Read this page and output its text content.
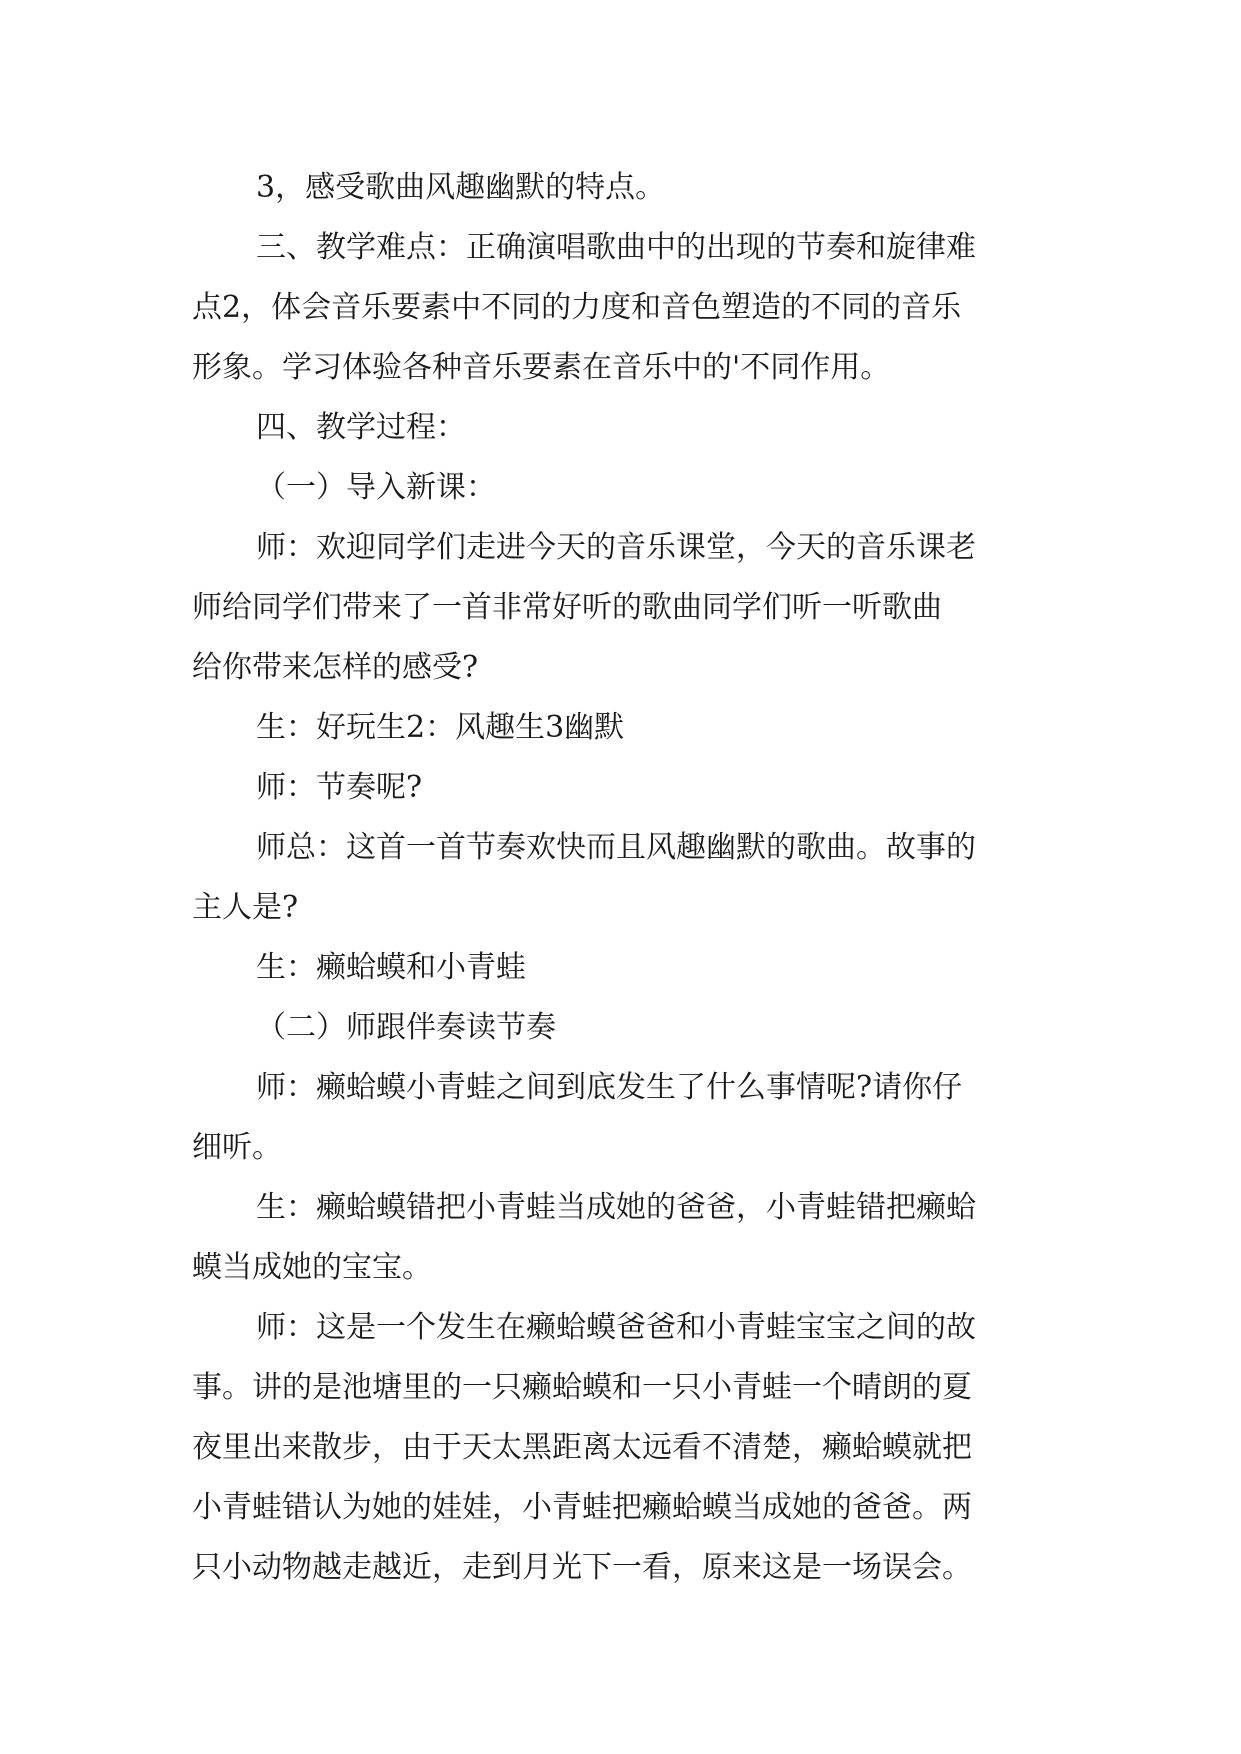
3，感受歌曲风趣幽默的特点。

三、教学难点：正确演唱歌曲中的出现的节奏和旋律难

点2，体会音乐要素中不同的力度和音色塑造的不同的音乐

形象。学习体验各种音乐要素在音乐中的'不同作用。

四、教学过程：

（一）导入新课：

师：欢迎同学们走进今天的音乐课堂，今天的音乐课老

师给同学们带来了一首非常好听的歌曲同学们听一听歌曲

给你带来怎样的感受?

生：好玩生2：风趣生3幽默

师：节奏呢?

师总：这首一首节奏欢快而且风趣幽默的歌曲。故事的

主人是?

生：癞蛤蟆和小青蛙

（二）师跟伴奏读节奏

师：癞蛤蟆小青蛙之间到底发生了什么事情呢?请你仔

细听。

生：癞蛤蟆错把小青蛙当成她的爸爸，小青蛙错把癞蛤

蟆当成她的宝宝。

师：这是一个发生在癞蛤蟆爸爸和小青蛙宝宝之间的故

事。讲的是池塘里的一只癞蛤蟆和一只小青蛙一个晴朗的夏

夜里出来散步，由于天太黑距离太远看不清楚，癞蛤蟆就把

小青蛙错认为她的娃娃，小青蛙把癞蛤蟆当成她的爸爸。两

只小动物越走越近，走到月光下一看，原来这是一场误会。
